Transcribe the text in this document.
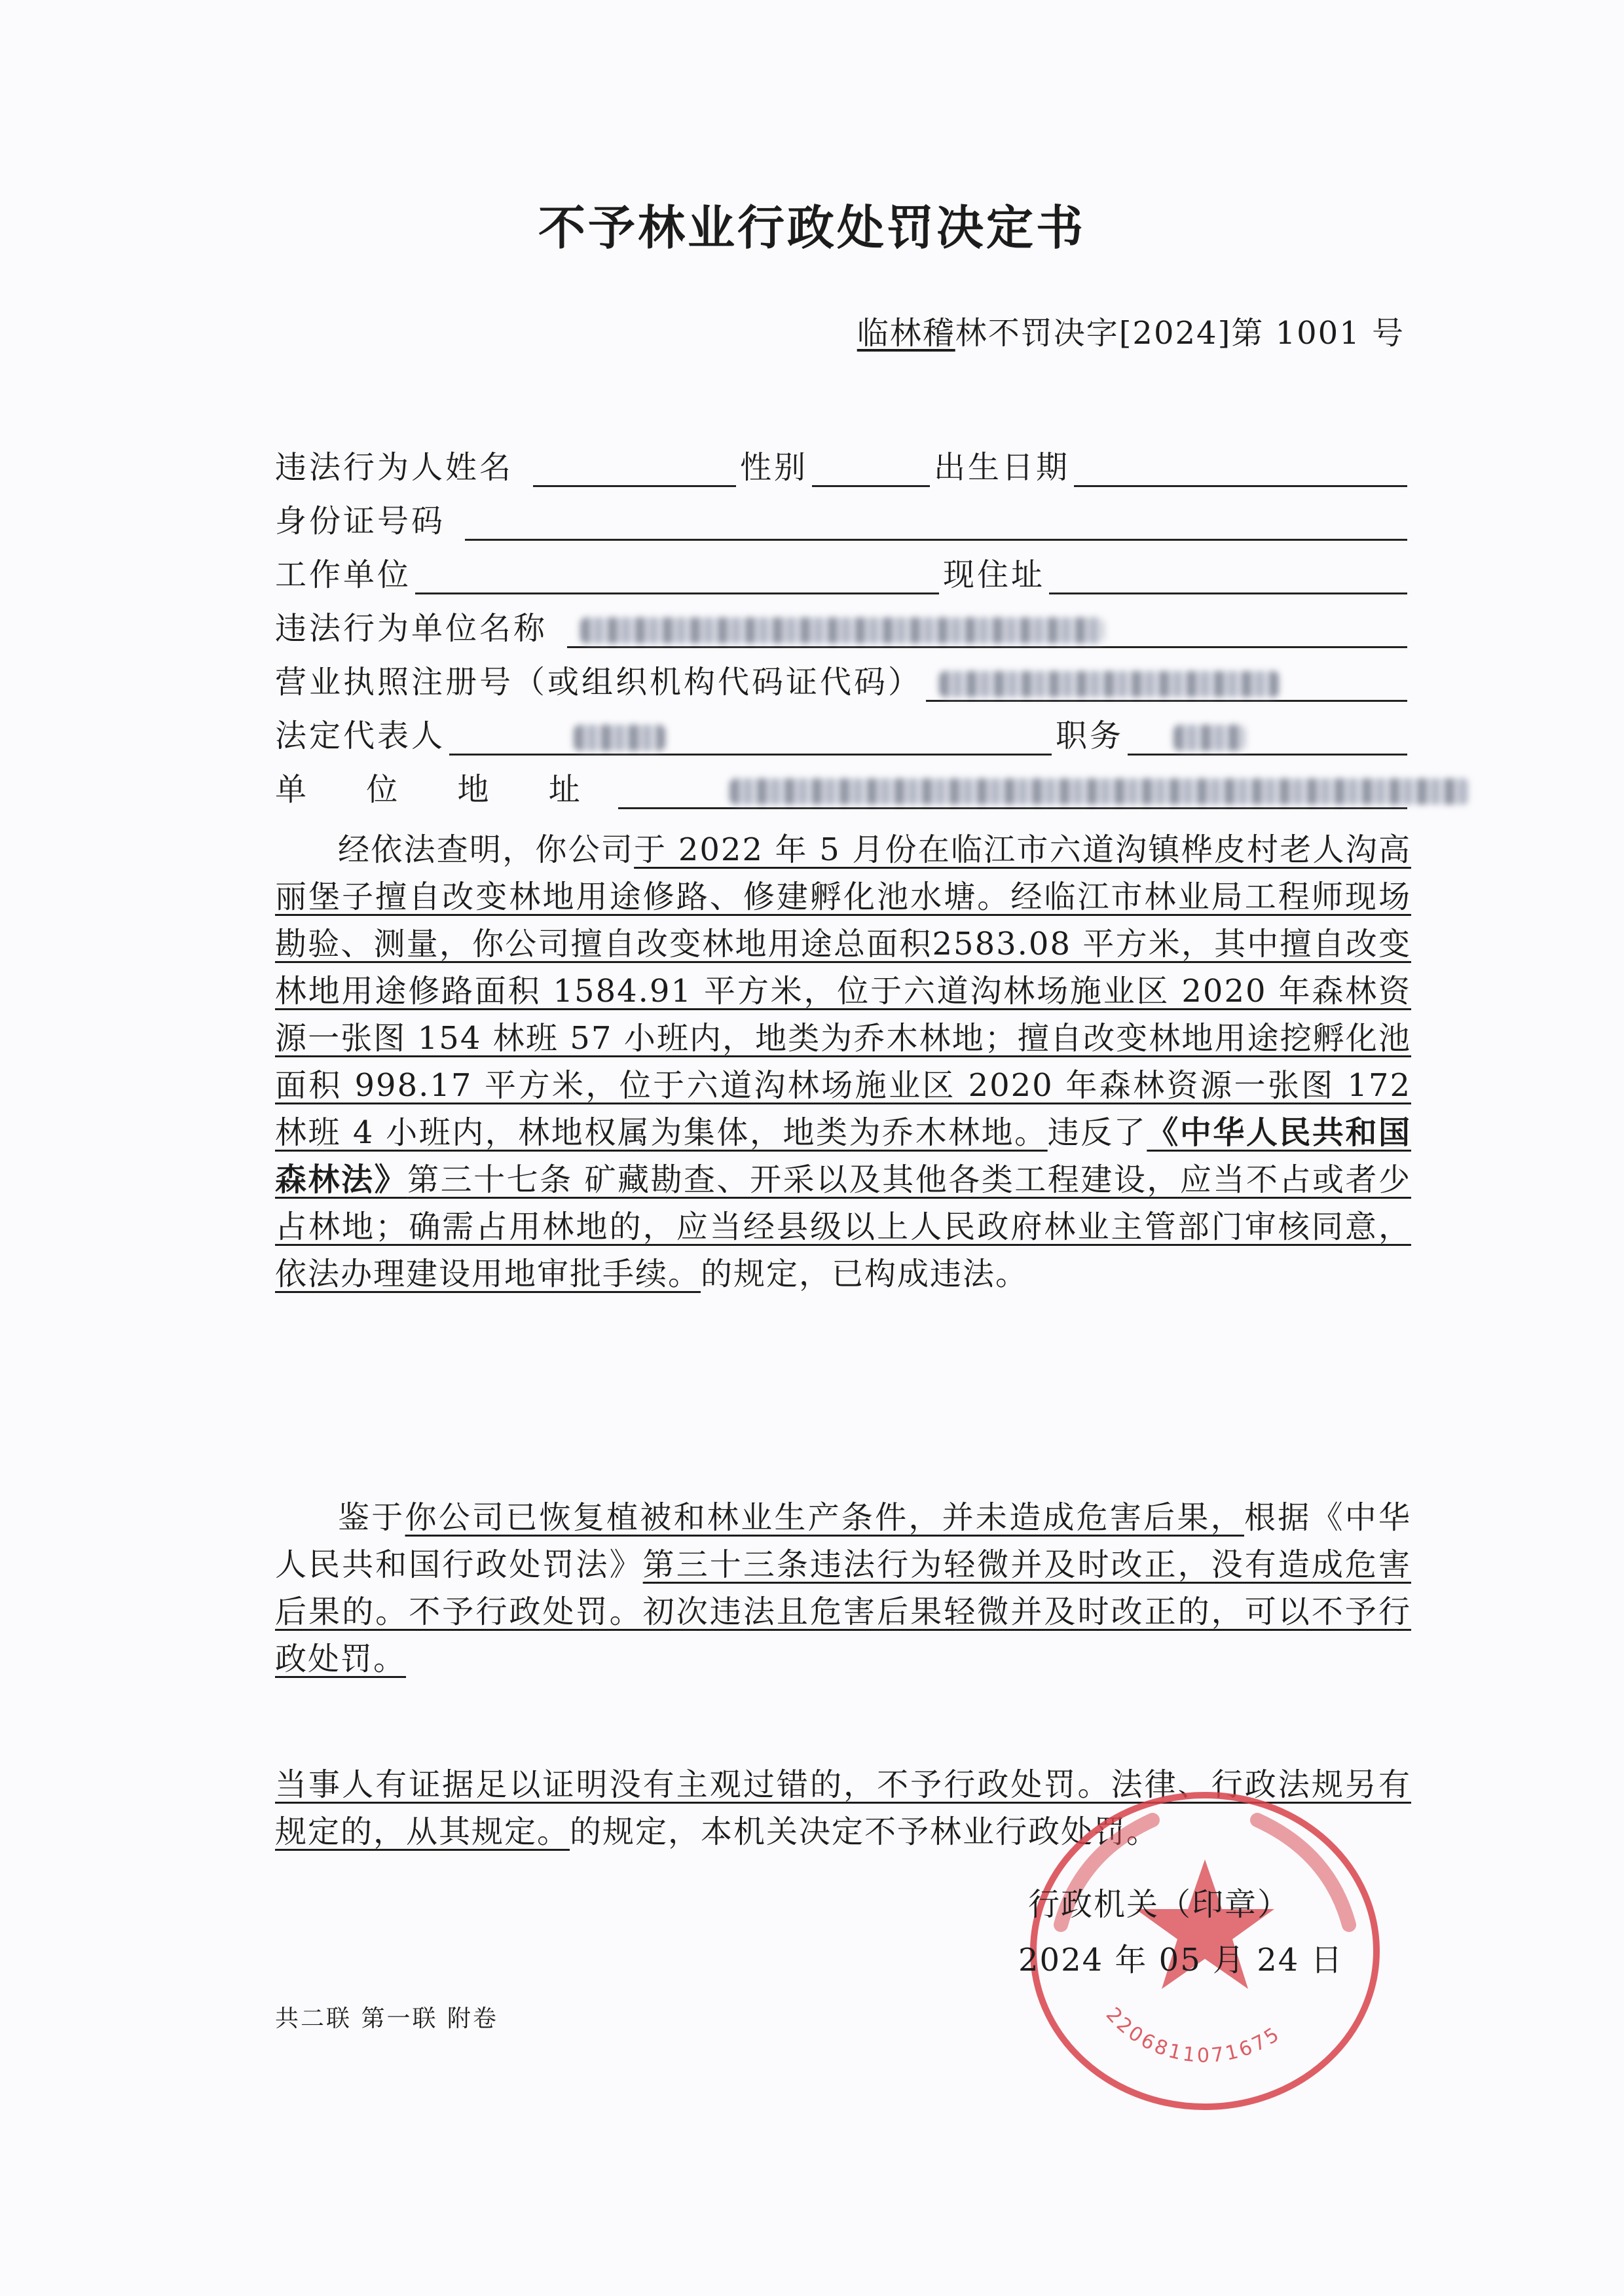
不予林业行政处罚决定书
临林稽林不罚决字[2024]第 1001 号
违法行为人姓名	性别	出生日期
身份证号码
工作单位	现住址
违法行为单位名称
营业执照注册号（或组织机构代码证代码）
法定代表人	职务
单 位 地 址

经依法查明，你公司于 2022 年 5 月份在临江市六道沟镇桦皮村老人沟高丽堡子擅自改变林地用途修路、修建孵化池水塘。经临江市林业局工程师现场勘验、测量，你公司擅自改变林地用途总面积2583.08 平方米，其中擅自改变林地用途修路面积 1584.91 平方米，位于六道沟林场施业区 2020 年森林资源一张图 154 林班 57 小班内，地类为乔木林地；擅自改变林地用途挖孵化池面积 998.17 平方米，位于六道沟林场施业区 2020 年森林资源一张图 172 林班 4 小班内，林地权属为集体，地类为乔木林地。违反了《中华人民共和国森林法》第三十七条 矿藏勘查、开采以及其他各类工程建设，应当不占或者少占林地；确需占用林地的，应当经县级以上人民政府林业主管部门审核同意，依法办理建设用地审批手续。的规定，已构成违法。

鉴于你公司已恢复植被和林业生产条件，并未造成危害后果，根据《中华人民共和国行政处罚法》第三十三条违法行为轻微并及时改正，没有造成危害后果的。不予行政处罚。初次违法且危害后果轻微并及时改正的，可以不予行政处罚。

当事人有证据足以证明没有主观过错的，不予行政处罚。法律、行政法规另有规定的，从其规定。的规定，本机关决定不予林业行政处罚。

2206811071675
行政机关（印章）
2024 年 05 月 24 日
共二联 第一联 附卷
